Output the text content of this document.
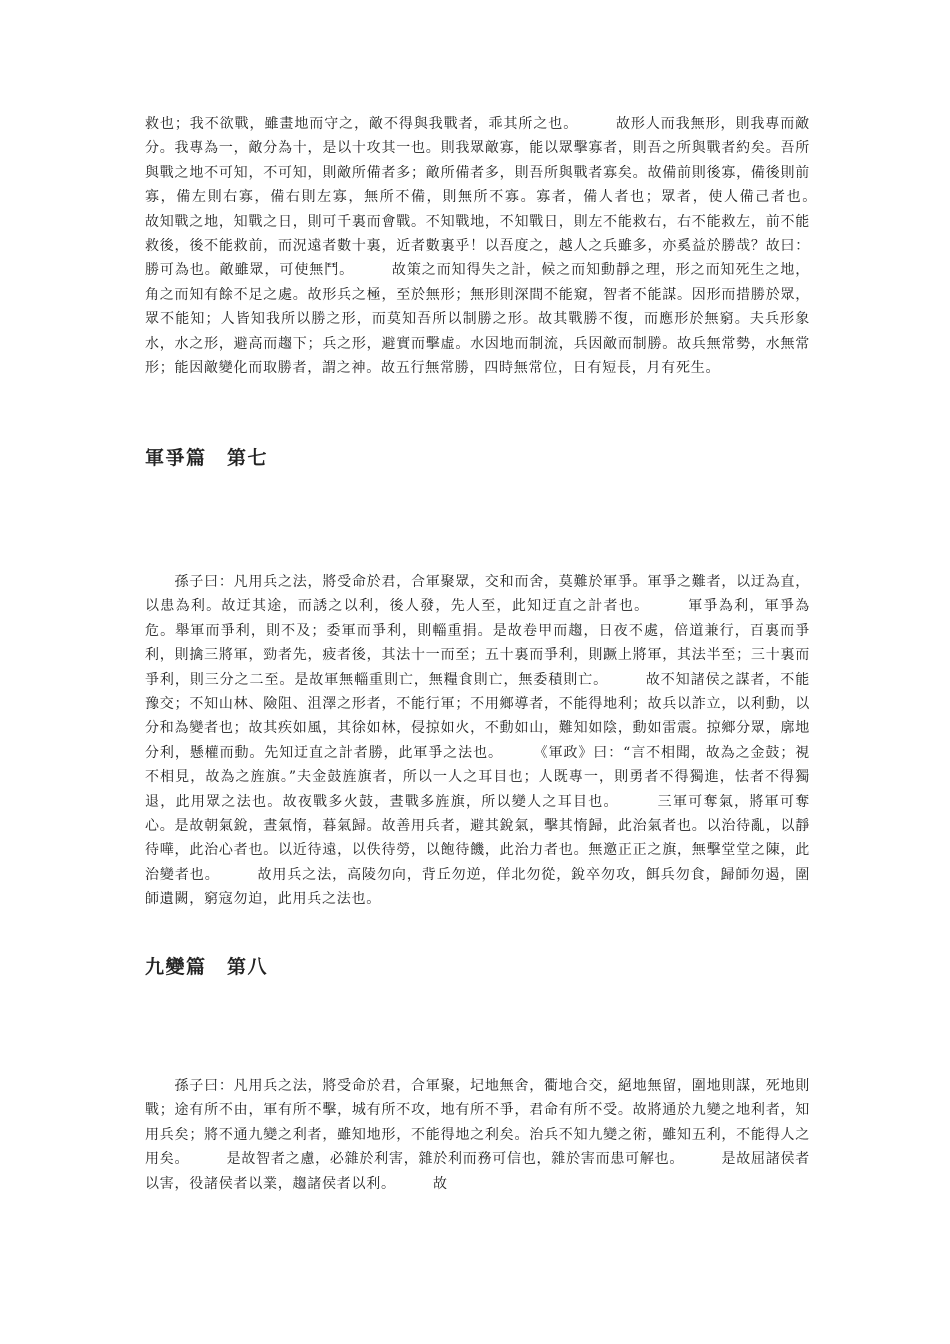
救也；我不欲戰，雖畫地而守之，敵不得與我戰者，乖其所之也。　　　故形人而我無形，則我專而敵分。我專為一，敵分為十，是以十攻其一也。則我眾敵寡，能以眾擊寡者，則吾之所與戰者約矣。吾所與戰之地不可知，不可知，則敵所備者多；敵所備者多，則吾所與戰者寡矣。故備前則後寡，備後則前寡，備左則右寡，備右則左寡，無所不備，則無所不寡。寡者，備人者也；眾者，使人備己者也。　　　故知戰之地，知戰之日，則可千裏而會戰。不知戰地，不知戰日，則左不能救右，右不能救左，前不能救後，後不能救前，而況遠者數十裏，近者數裏乎！以吾度之，越人之兵雖多，亦奚益於勝哉？故曰：勝可為也。敵雖眾，可使無鬥。　　　故策之而知得失之計，候之而知動靜之理，形之而知死生之地，角之而知有餘不足之處。故形兵之極，至於無形；無形則深間不能窺，智者不能謀。因形而措勝於眾，眾不能知；人皆知我所以勝之形，而莫知吾所以制勝之形。故其戰勝不復，而應形於無窮。夫兵形象水，水之形，避高而趨下；兵之形，避實而擊虛。水因地而制流，兵因敵而制勝。故兵無常勢，水無常形；能因敵變化而取勝者，謂之神。故五行無常勝，四時無常位，日有短長，月有死生。

軍爭篇　第七

　　孫子曰：凡用兵之法，將受命於君，合軍聚眾，交和而舍，莫難於軍爭。軍爭之難者，以迂為直，以患為利。故迂其途，而誘之以利，後人發，先人至，此知迂直之計者也。　　　軍爭為利，軍爭為危。舉軍而爭利，則不及；委軍而爭利，則輜重捐。是故卷甲而趨，日夜不處，倍道兼行，百裏而爭利，則擒三將軍，勁者先，疲者後，其法十一而至；五十裏而爭利，則蹶上將軍，其法半至；三十裏而爭利，則三分之二至。是故軍無輜重則亡，無糧食則亡，無委積則亡。　　　故不知諸侯之謀者，不能豫交；不知山林、險阻、沮澤之形者，不能行軍；不用鄉導者，不能得地利；故兵以詐立，以利動，以分和為變者也；故其疾如風，其徐如林，侵掠如火，不動如山，難知如陰，動如雷震。掠鄉分眾，廓地分利，懸權而動。先知迂直之計者勝，此軍爭之法也。　　　《軍政》曰：“言不相聞，故為之金鼓；視不相見，故為之旌旗。”夫金鼓旌旗者，所以一人之耳目也；人既專一，則勇者不得獨進，怯者不得獨退，此用眾之法也。故夜戰多火鼓，晝戰多旌旗，所以變人之耳目也。　　　三軍可奪氣，將軍可奪心。是故朝氣銳，晝氣惰，暮氣歸。故善用兵者，避其銳氣，擊其惰歸，此治氣者也。以治待亂，以靜待嘩，此治心者也。以近待遠，以佚待勞，以飽待饑，此治力者也。無邀正正之旗，無擊堂堂之陳，此治變者也。　　　故用兵之法，高陵勿向，背丘勿逆，佯北勿從，銳卒勿攻，餌兵勿食，歸師勿遏，圍師遺闕，窮寇勿迫，此用兵之法也。

九變篇　第八

　　孫子曰：凡用兵之法，將受命於君，合軍聚，圮地無舍，衢地合交，絕地無留，圍地則謀，死地則戰；途有所不由，軍有所不擊，城有所不攻，地有所不爭，君命有所不受。故將通於九變之地利者，知用兵矣；將不通九變之利者，雖知地形，不能得地之利矣。治兵不知九變之術，雖知五利，不能得人之用矣。　　　是故智者之慮，必雜於利害，雜於利而務可信也，雜於害而患可解也。　　　是故屈諸侯者以害，役諸侯者以業，趨諸侯者以利。　　　故
